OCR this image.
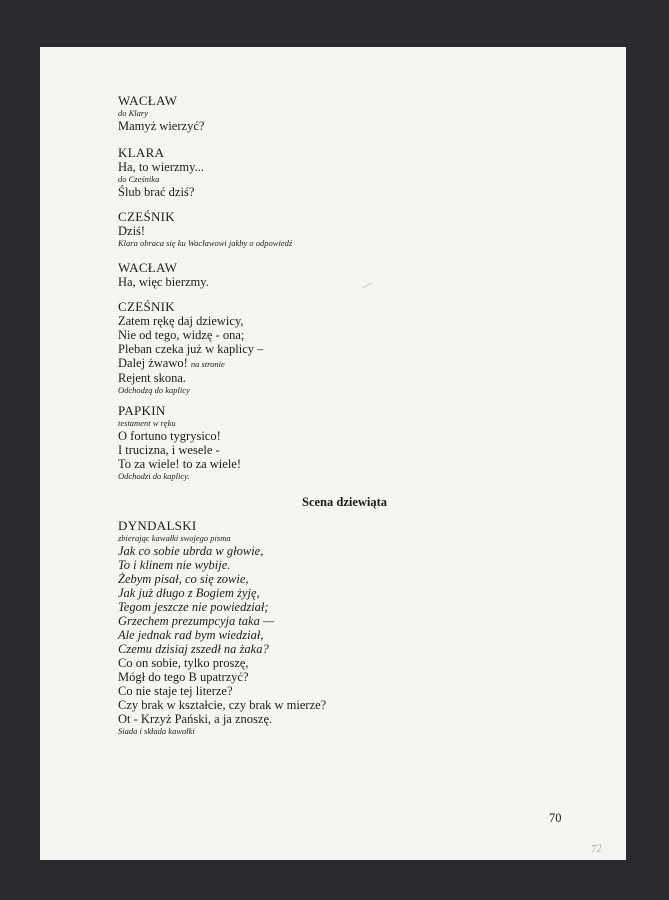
WACŁAW
do Klary
Mamyż wierzyć?
KLARA
Ha, to wierzmy...
do Cześnika
Ślub brać dziś?
CZEŚNIK
Dziś!
Klara obraca się ku Wacławowi jakby o odpowiedź
WACŁAW
Ha, więc bierzmy.
CZEŚNIK
Zatem rękę daj dziewicy,
Nie od tego, widzę - ona;
Pleban czeka już w kaplicy –
Dalej żwawo! na stronie
Rejent skona.
Odchodzą do kaplicy
PAPKIN
testament w ręku
O fortuno tygrysico!
I trucizna, i wesele -
To za wiele! to za wiele!
Odchodzi do kaplicy.
Scena dziewiąta
DYNDALSKI
zbierając kawałki swojego pisma
Jak co sobie ubrda w głowie,
To i klinem nie wybije.
Żebym pisał, co się zowie,
Jak już długo z Bogiem żyję,
Tegom jeszcze nie powiedział;
Grzechem prezumpcyja taka —
Ale jednak rad bym wiedział,
Czemu dzisiaj zszedł na żaka?
Co on sobie, tylko proszę,
Mógł do tego B upatrzyć?
Co nie staje tej literze?
Czy brak w kształcie, czy brak w mierze?
Ot - Krzyż Pański, a ja znoszę.
Siada i składa kawałki
70
72
